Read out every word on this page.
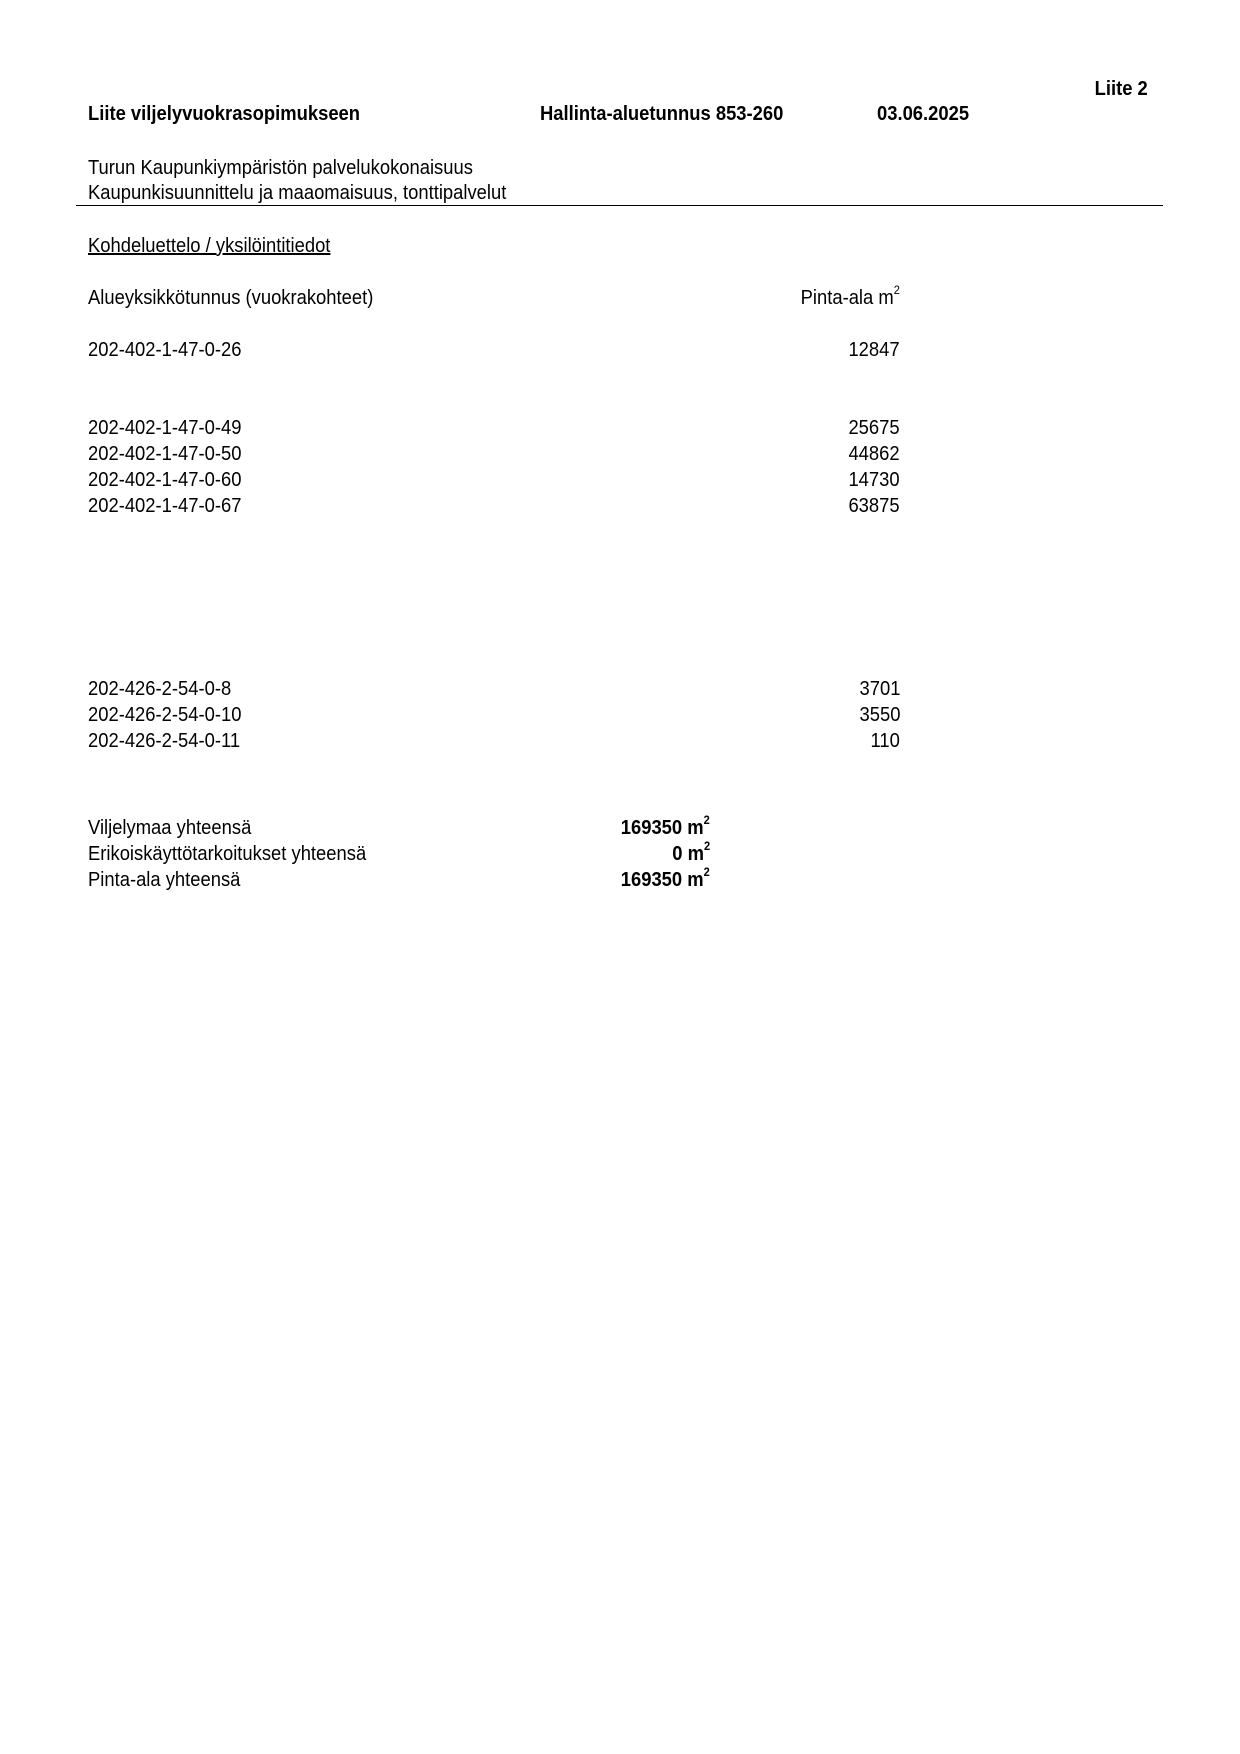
Liite 2
Liite viljelyvuokrasopimukseen	Hallinta-aluetunnus 853-260	03.06.2025
Turun Kaupunkiympäristön palvelukokonaisuus
Kaupunkisuunnittelu ja maaomaisuus, tonttipalvelut
Kohdeluettelo / yksilöintitiedot
Alueyksikkötunnus (vuokrakohteet)	Pinta-ala $m^2$
202-402-1-47-0-26	12847
202-402-1-47-0-49	25675
202-402-1-47-0-50	44862
202-402-1-47-0-60	14730
202-402-1-47-0-67	63875
202-426-2-54-0-8	3701
202-426-2-54-0-10	3550
202-426-2-54-0-11	110
Viljelymaa yhteensä	169350 $m^2$
Erikoiskäyttötarkoitukset yhteensä	0 $m^2$
Pinta-ala yhteensä	169350 $m^2$
